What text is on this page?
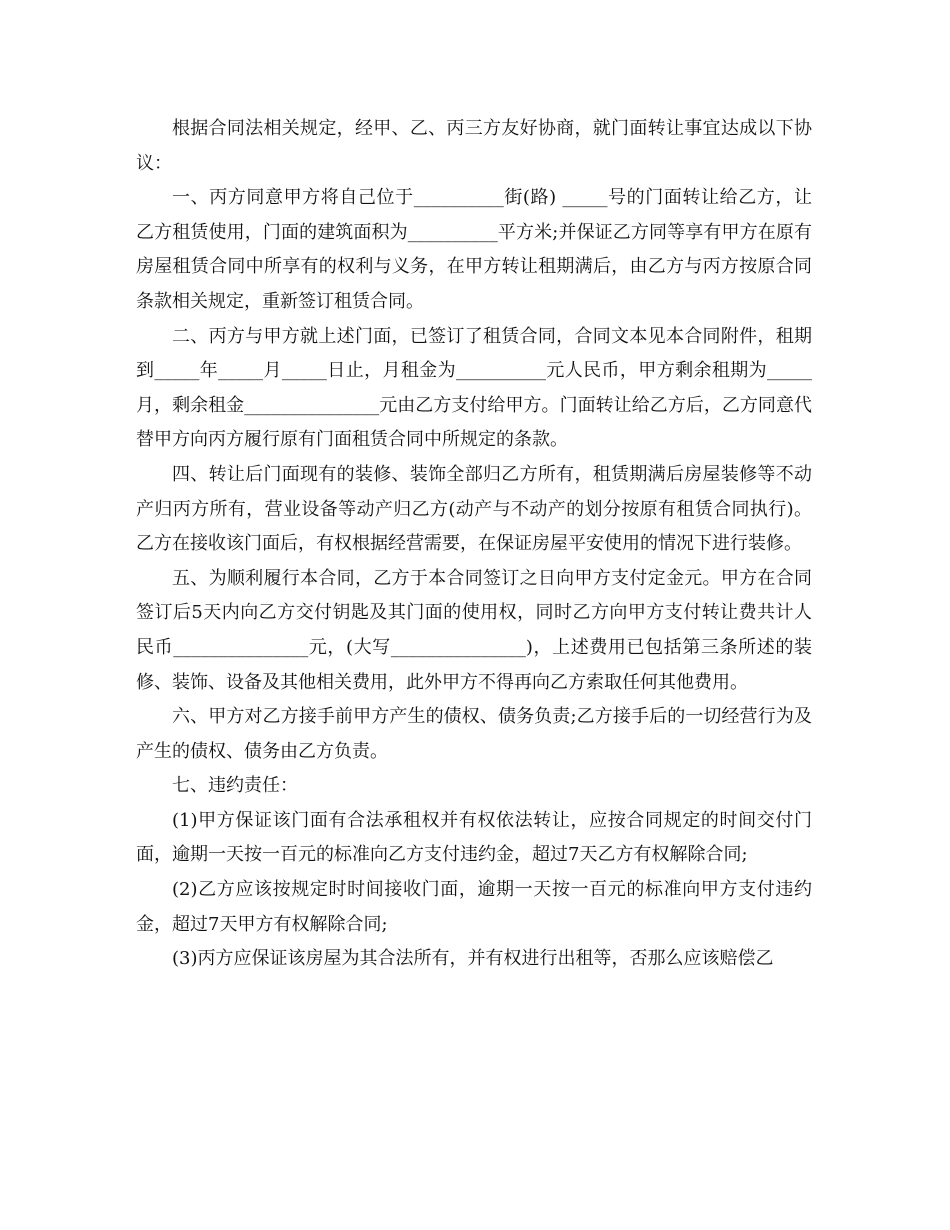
根据合同法相关规定，经甲、乙、丙三方友好协商，就门面转让事宜达成以下协议：

一、丙方同意甲方将自己位于__________街(路) _____号的门面转让给乙方，让乙方租赁使用，门面的建筑面积为__________平方米;并保证乙方同等享有甲方在原有房屋租赁合同中所享有的权利与义务，在甲方转让租期满后，由乙方与丙方按原合同条款相关规定，重新签订租赁合同。

二、丙方与甲方就上述门面，已签订了租赁合同，合同文本见本合同附件，租期到_____年_____月_____日止，月租金为__________元人民币，甲方剩余租期为_____月，剩余租金_______________元由乙方支付给甲方。门面转让给乙方后，乙方同意代替甲方向丙方履行原有门面租赁合同中所规定的条款。

四、转让后门面现有的装修、装饰全部归乙方所有，租赁期满后房屋装修等不动产归丙方所有，营业设备等动产归乙方(动产与不动产的划分按原有租赁合同执行)。乙方在接收该门面后，有权根据经营需要，在保证房屋平安使用的情况下进行装修。

五、为顺利履行本合同，乙方于本合同签订之日向甲方支付定金元。甲方在合同签订后5天内向乙方交付钥匙及其门面的使用权，同时乙方向甲方支付转让费共计人民币_______________元，(大写_______________)，上述费用已包括第三条所述的装修、装饰、设备及其他相关费用，此外甲方不得再向乙方索取任何其他费用。

六、甲方对乙方接手前甲方产生的债权、债务负责;乙方接手后的一切经营行为及产生的债权、债务由乙方负责。

七、违约责任：

(1)甲方保证该门面有合法承租权并有权依法转让，应按合同规定的时间交付门面，逾期一天按一百元的标准向乙方支付违约金，超过7天乙方有权解除合同;

(2)乙方应该按规定时时间接收门面，逾期一天按一百元的标准向甲方支付违约金，超过7天甲方有权解除合同;

(3)丙方应保证该房屋为其合法所有，并有权进行出租等，否那么应该赔偿乙
